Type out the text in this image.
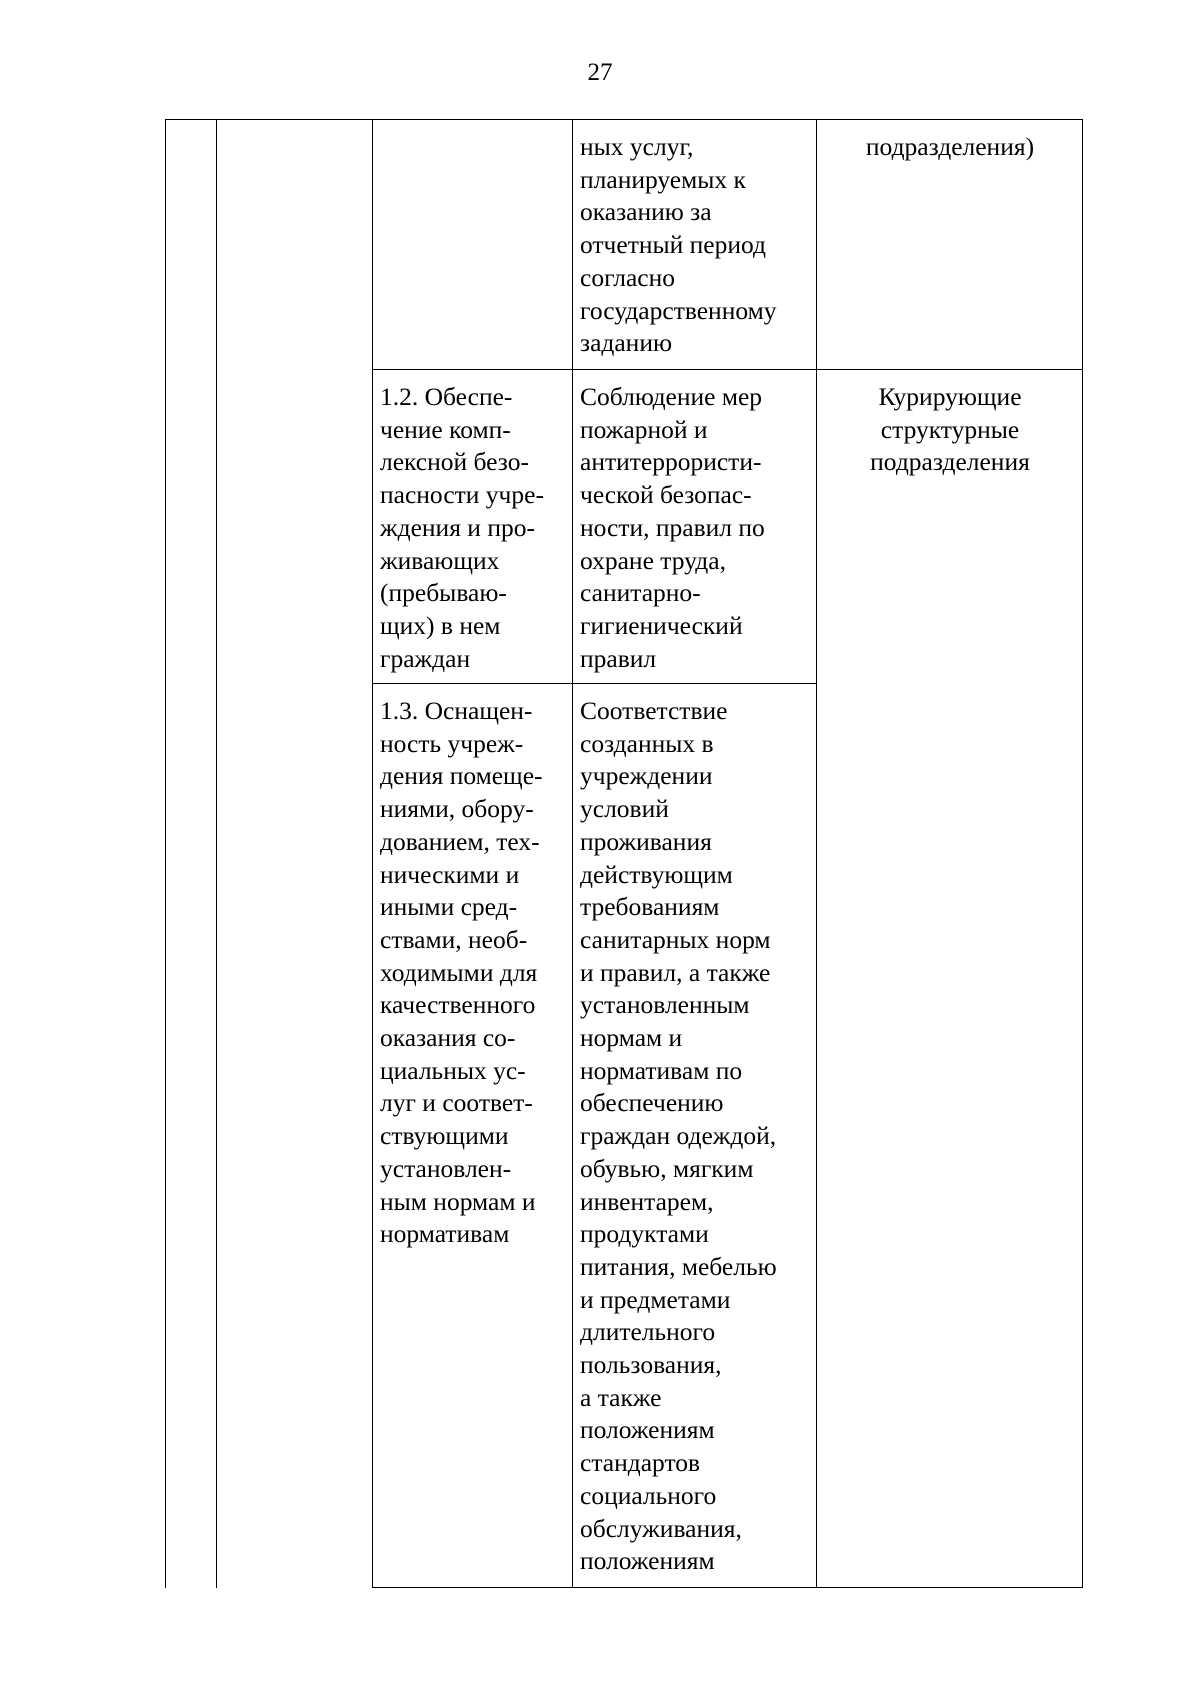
27
ных услуг,
планируемых к
оказанию за
отчетный период
согласно
государственному
заданию
подразделения)
1.2. Обеспе-
чение комп-
лексной безо-
пасности учре-
ждения и про-
живающих
(пребываю-
щих) в нем
граждан
Соблюдение мер
пожарной и
антитеррористи-
ческой безопас-
ности, правил по
охране труда,
санитарно-
гигиенический
правил
Курирующие
структурные
подразделения
1.3. Оснащен-
ность учреж-
дения помеще-
ниями, обору-
дованием, тех-
ническими и
иными сред-
ствами, необ-
ходимыми для
качественного
оказания со-
циальных ус-
луг и соответ-
ствующими
установлен-
ным нормам и
нормативам
Соответствие
созданных в
учреждении
условий
проживания
действующим
требованиям
санитарных норм
и правил, а также
установленным
нормам и
нормативам по
обеспечению
граждан одеждой,
обувью, мягким
инвентарем,
продуктами
питания, мебелью
и предметами
длительного
пользования,
а также
положениям
стандартов
социального
обслуживания,
положениям
